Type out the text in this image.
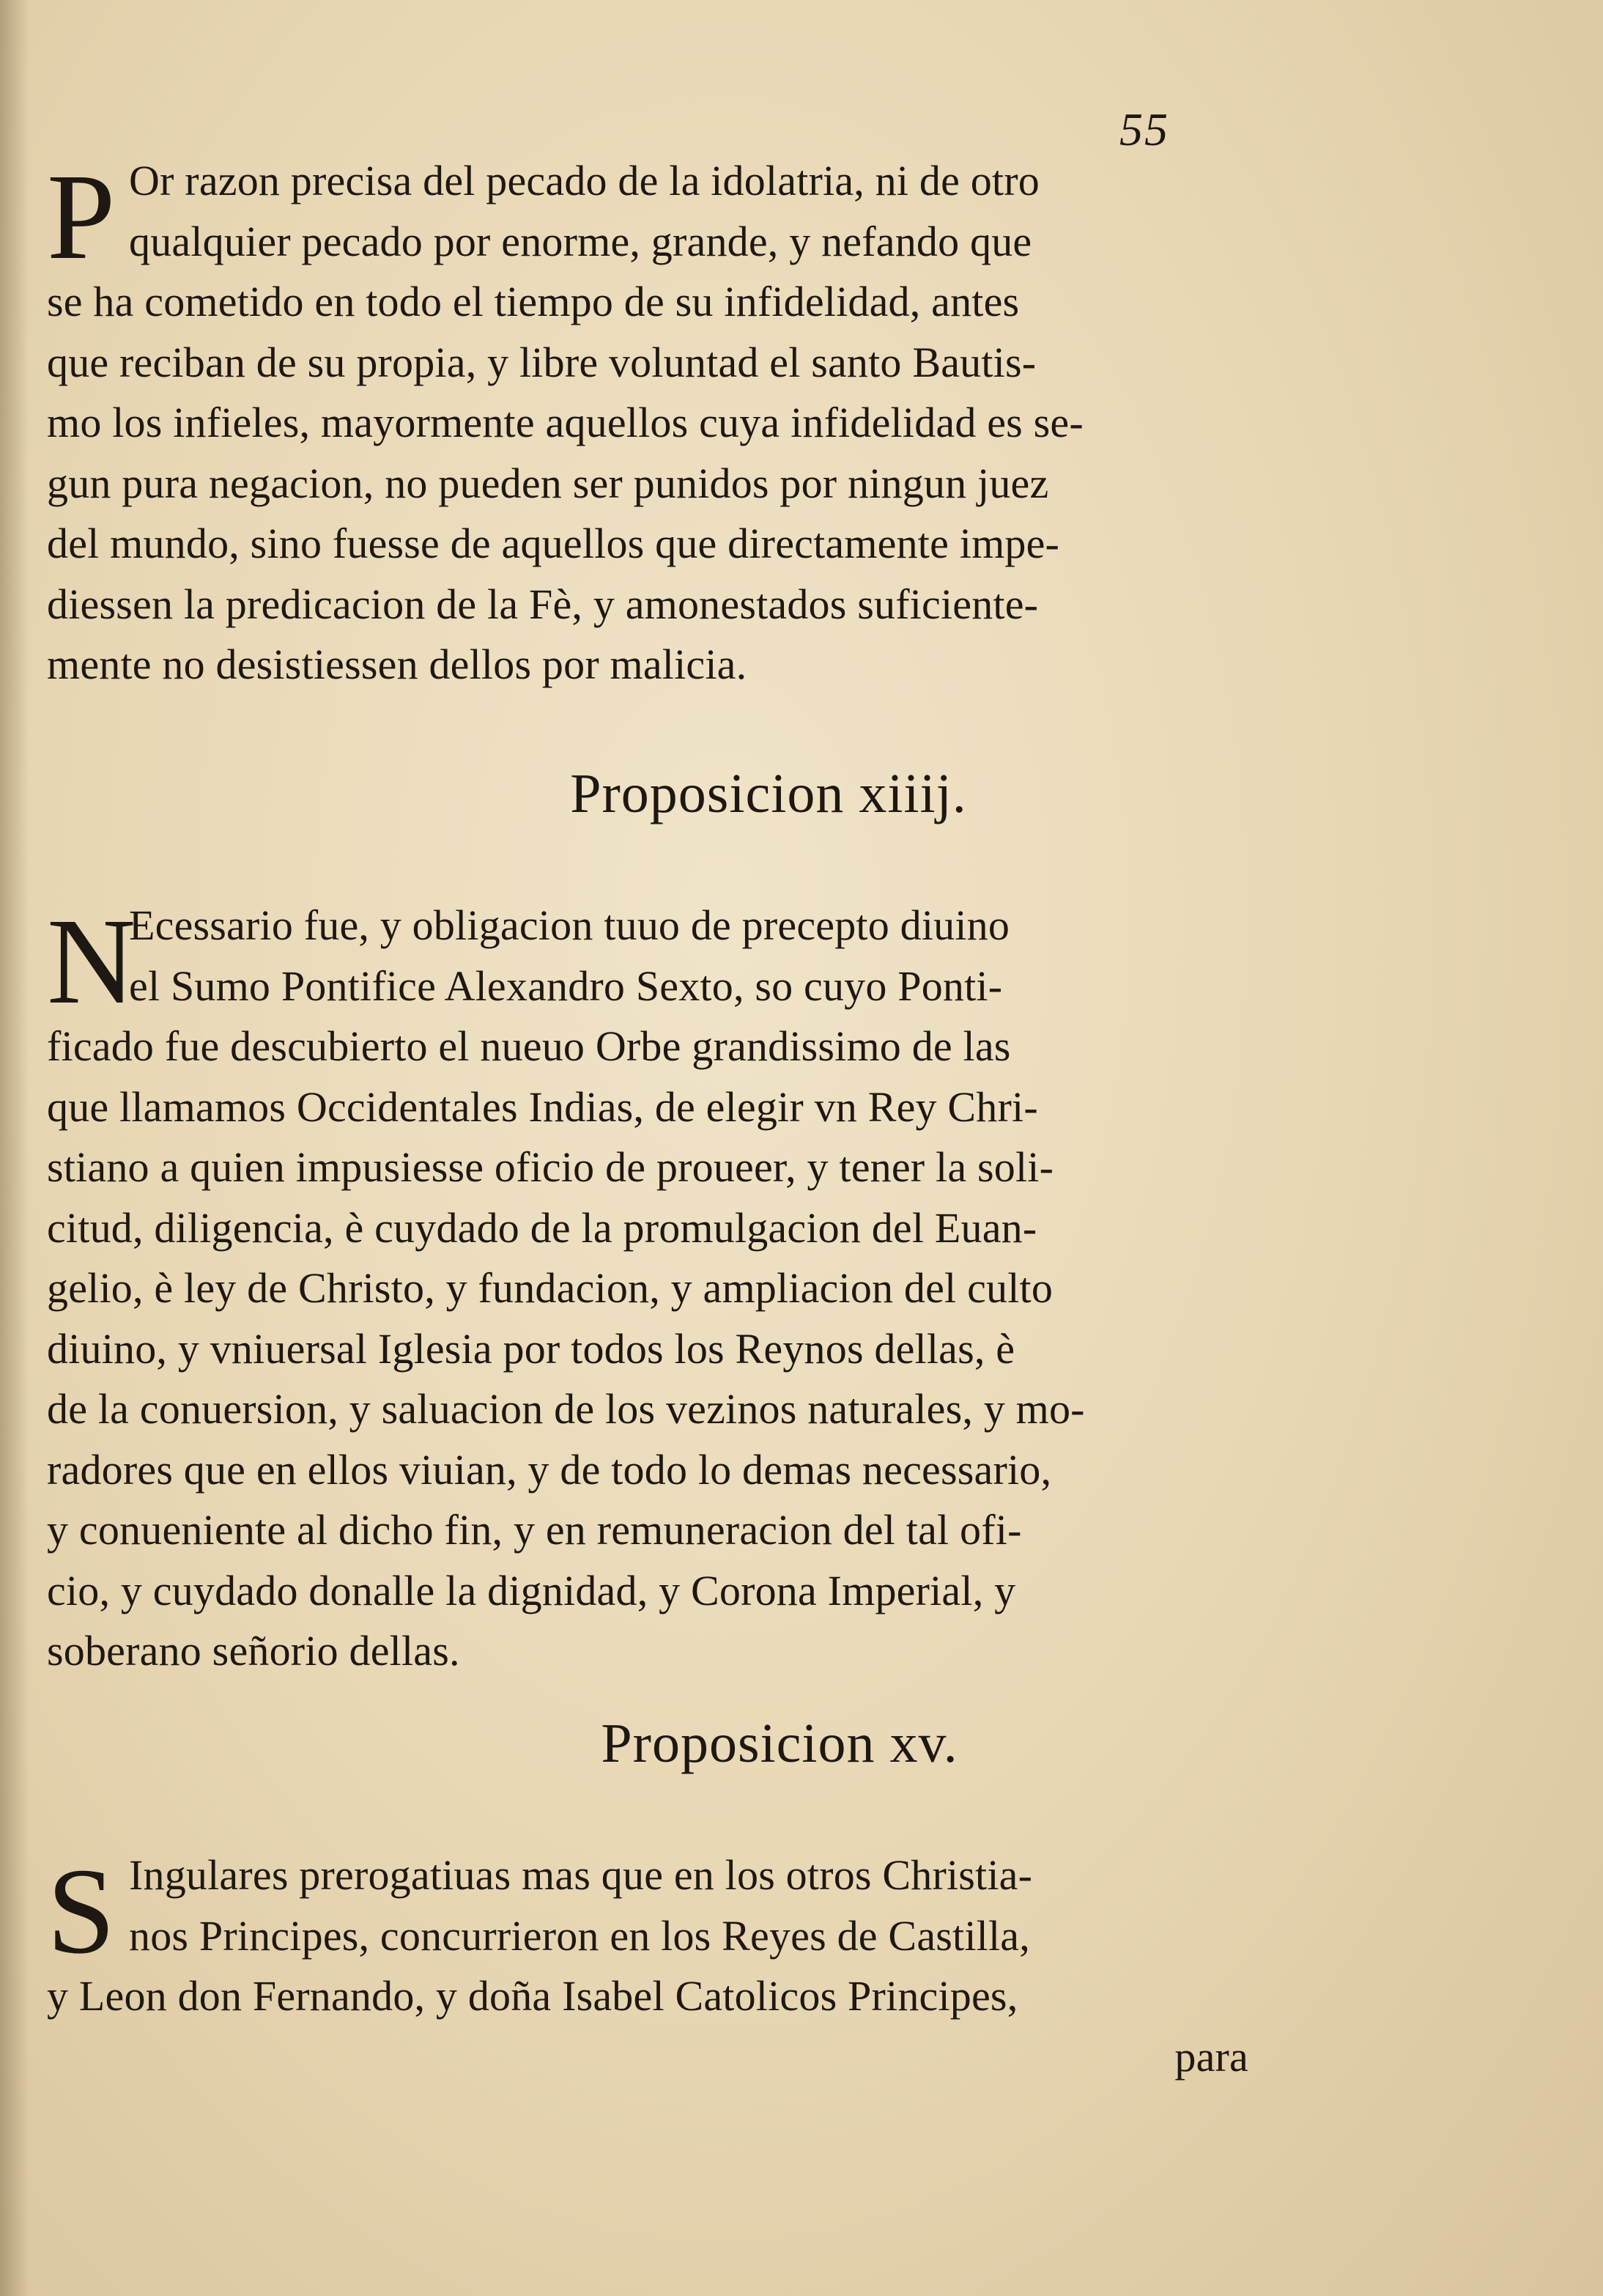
55
P Or razon precisa del pecado de la idolatria, ni de otro
qualquier pecado por enorme, grande, y nefando que
se ha cometido en todo el tiempo de su infidelidad, antes
que reciban de su propia, y libre voluntad el santo Bautis-
mo los infieles, mayormente aquellos cuya infidelidad es se-
gun pura negacion, no pueden ser punidos por ningun juez
del mundo, sino fuesse de aquellos que directamente impe-
diessen la predicacion de la Fè, y amonestados suficiente-
mente no desistiessen dellos por malicia.
Proposicion xiiij.
N
Ecessario fue, y obligacion tuuo de precepto diuino
el Sumo Pontifice Alexandro Sexto, so cuyo Ponti-
ficado fue descubierto el nueuo Orbe grandissimo de las
que llamamos Occidentales Indias, de elegir vn Rey Chri-
stiano a quien impusiesse oficio de proueer, y tener la soli-
citud, diligencia, è cuydado de la promulgacion del Euan-
gelio, è ley de Christo, y fundacion, y ampliacion del culto
diuino, y vniuersal Iglesia por todos los Reynos dellas, è
de la conuersion, y saluacion de los vezinos naturales, y mo-
radores que en ellos viuian, y de todo lo demas necessario,
y conueniente al dicho fin, y en remuneracion del tal ofi-
cio, y cuydado donalle la dignidad, y Corona Imperial, y
soberano señorio dellas.
Proposicion xv.
S Ingulares prerogatiuas mas que en los otros Christia-
nos Principes, concurrieron en los Reyes de Castilla,
y Leon don Fernando, y doña Isabel Catolicos Principes,
para
